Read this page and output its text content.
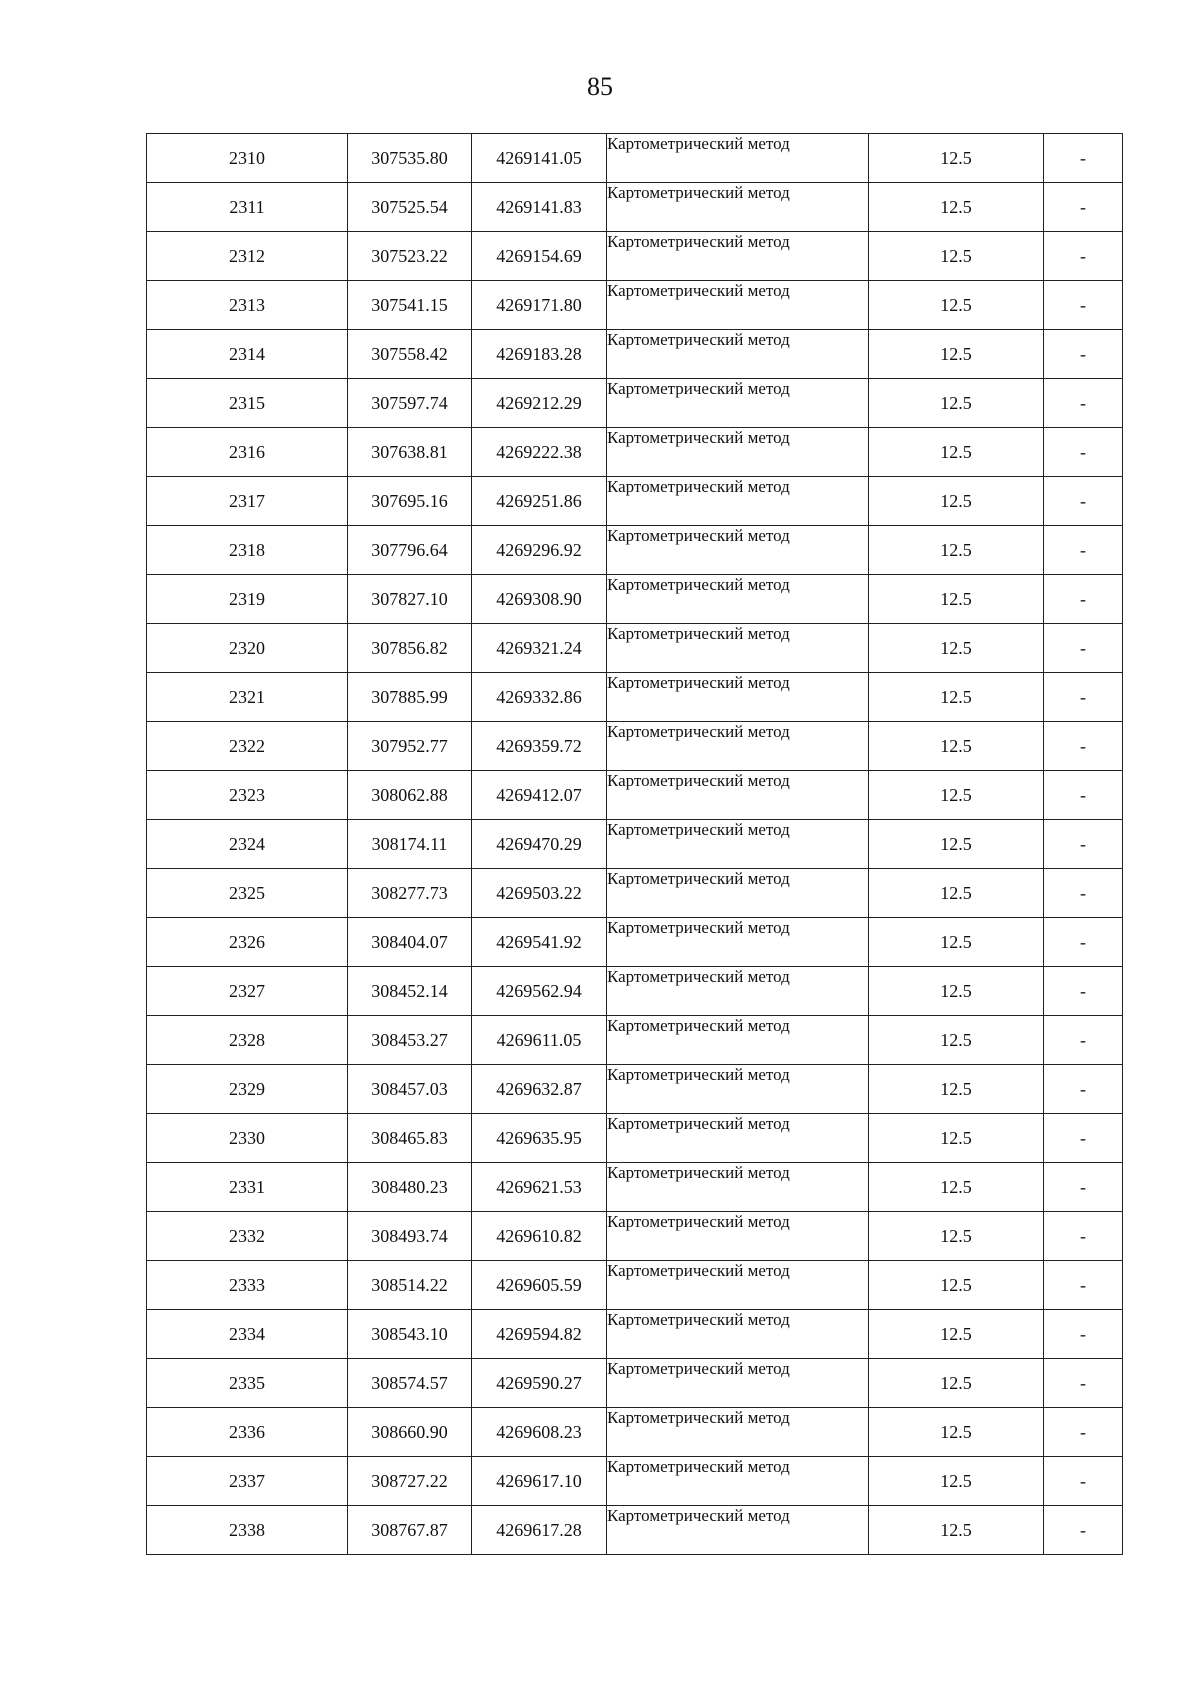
85
2310	307535.80	4269141.05	Картометрический метод	12.5	-
2311	307525.54	4269141.83	Картометрический метод	12.5	-
2312	307523.22	4269154.69	Картометрический метод	12.5	-
2313	307541.15	4269171.80	Картометрический метод	12.5	-
2314	307558.42	4269183.28	Картометрический метод	12.5	-
2315	307597.74	4269212.29	Картометрический метод	12.5	-
2316	307638.81	4269222.38	Картометрический метод	12.5	-
2317	307695.16	4269251.86	Картометрический метод	12.5	-
2318	307796.64	4269296.92	Картометрический метод	12.5	-
2319	307827.10	4269308.90	Картометрический метод	12.5	-
2320	307856.82	4269321.24	Картометрический метод	12.5	-
2321	307885.99	4269332.86	Картометрический метод	12.5	-
2322	307952.77	4269359.72	Картометрический метод	12.5	-
2323	308062.88	4269412.07	Картометрический метод	12.5	-
2324	308174.11	4269470.29	Картометрический метод	12.5	-
2325	308277.73	4269503.22	Картометрический метод	12.5	-
2326	308404.07	4269541.92	Картометрический метод	12.5	-
2327	308452.14	4269562.94	Картометрический метод	12.5	-
2328	308453.27	4269611.05	Картометрический метод	12.5	-
2329	308457.03	4269632.87	Картометрический метод	12.5	-
2330	308465.83	4269635.95	Картометрический метод	12.5	-
2331	308480.23	4269621.53	Картометрический метод	12.5	-
2332	308493.74	4269610.82	Картометрический метод	12.5	-
2333	308514.22	4269605.59	Картометрический метод	12.5	-
2334	308543.10	4269594.82	Картометрический метод	12.5	-
2335	308574.57	4269590.27	Картометрический метод	12.5	-
2336	308660.90	4269608.23	Картометрический метод	12.5	-
2337	308727.22	4269617.10	Картометрический метод	12.5	-
2338	308767.87	4269617.28	Картометрический метод	12.5	-
